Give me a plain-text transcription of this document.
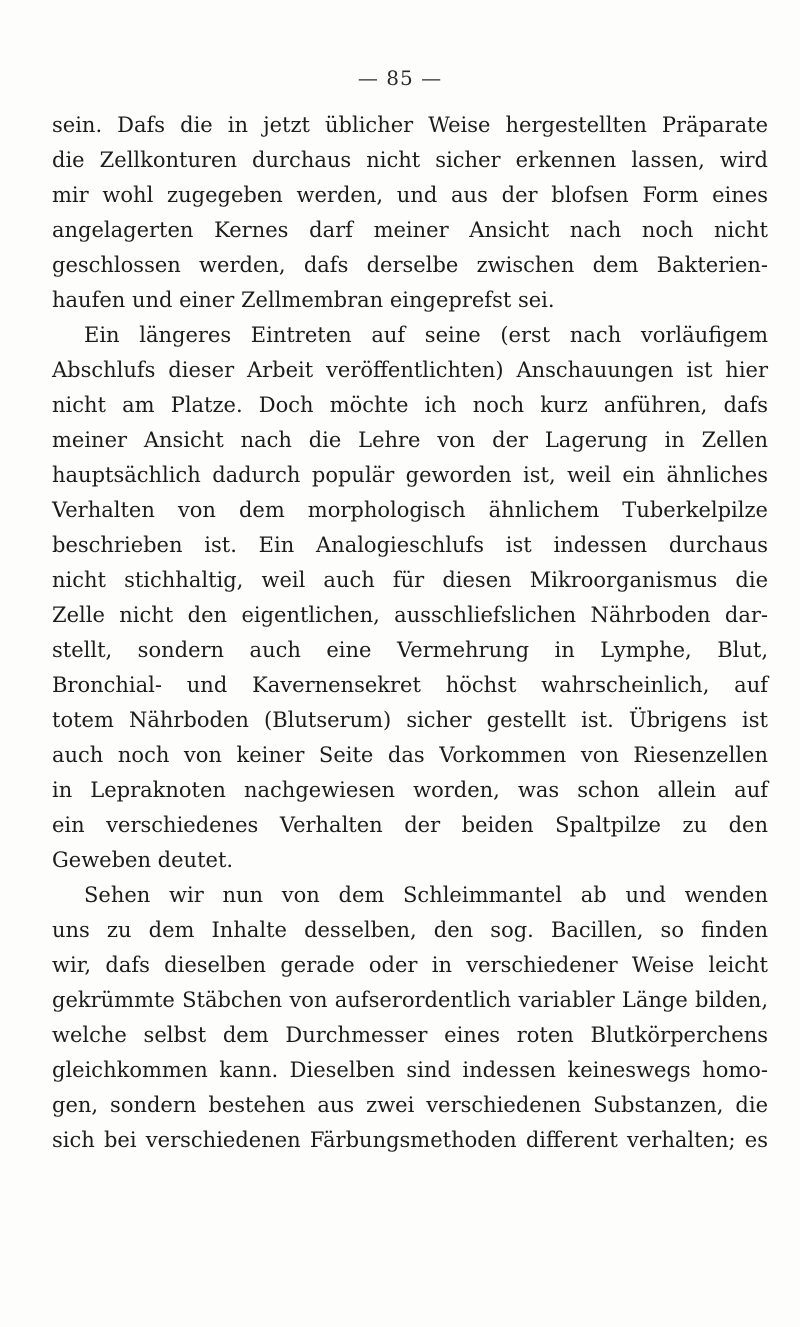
— 85 —
sein. Dafs die in jetzt üblicher Weise hergestellten Präparate
die Zellkonturen durchaus nicht sicher erkennen lassen, wird
mir wohl zugegeben werden, und aus der blofsen Form eines
angelagerten Kernes darf meiner Ansicht nach noch nicht
geschlossen werden, dafs derselbe zwischen dem Bakterien-
haufen und einer Zellmembran eingeprefst sei.
Ein längeres Eintreten auf seine (erst nach vorläufigem
Abschlufs dieser Arbeit veröffentlichten) Anschauungen ist hier
nicht am Platze. Doch möchte ich noch kurz anführen, dafs
meiner Ansicht nach die Lehre von der Lagerung in Zellen
hauptsächlich dadurch populär geworden ist, weil ein ähnliches
Verhalten von dem morphologisch ähnlichem Tuberkelpilze
beschrieben ist. Ein Analogieschlufs ist indessen durchaus
nicht stichhaltig, weil auch für diesen Mikroorganismus die
Zelle nicht den eigentlichen, ausschliefslichen Nährboden dar-
stellt, sondern auch eine Vermehrung in Lymphe, Blut,
Bronchial- und Kavernensekret höchst wahrscheinlich, auf
totem Nährboden (Blutserum) sicher gestellt ist. Übrigens ist
auch noch von keiner Seite das Vorkommen von Riesenzellen
in Lepraknoten nachgewiesen worden, was schon allein auf
ein verschiedenes Verhalten der beiden Spaltpilze zu den
Geweben deutet.
Sehen wir nun von dem Schleimmantel ab und wenden
uns zu dem Inhalte desselben, den sog. Bacillen, so finden
wir, dafs dieselben gerade oder in verschiedener Weise leicht
gekrümmte Stäbchen von aufserordentlich variabler Länge bilden,
welche selbst dem Durchmesser eines roten Blutkörperchens
gleichkommen kann. Dieselben sind indessen keineswegs homo-
gen, sondern bestehen aus zwei verschiedenen Substanzen, die
sich bei verschiedenen Färbungsmethoden different verhalten; es
